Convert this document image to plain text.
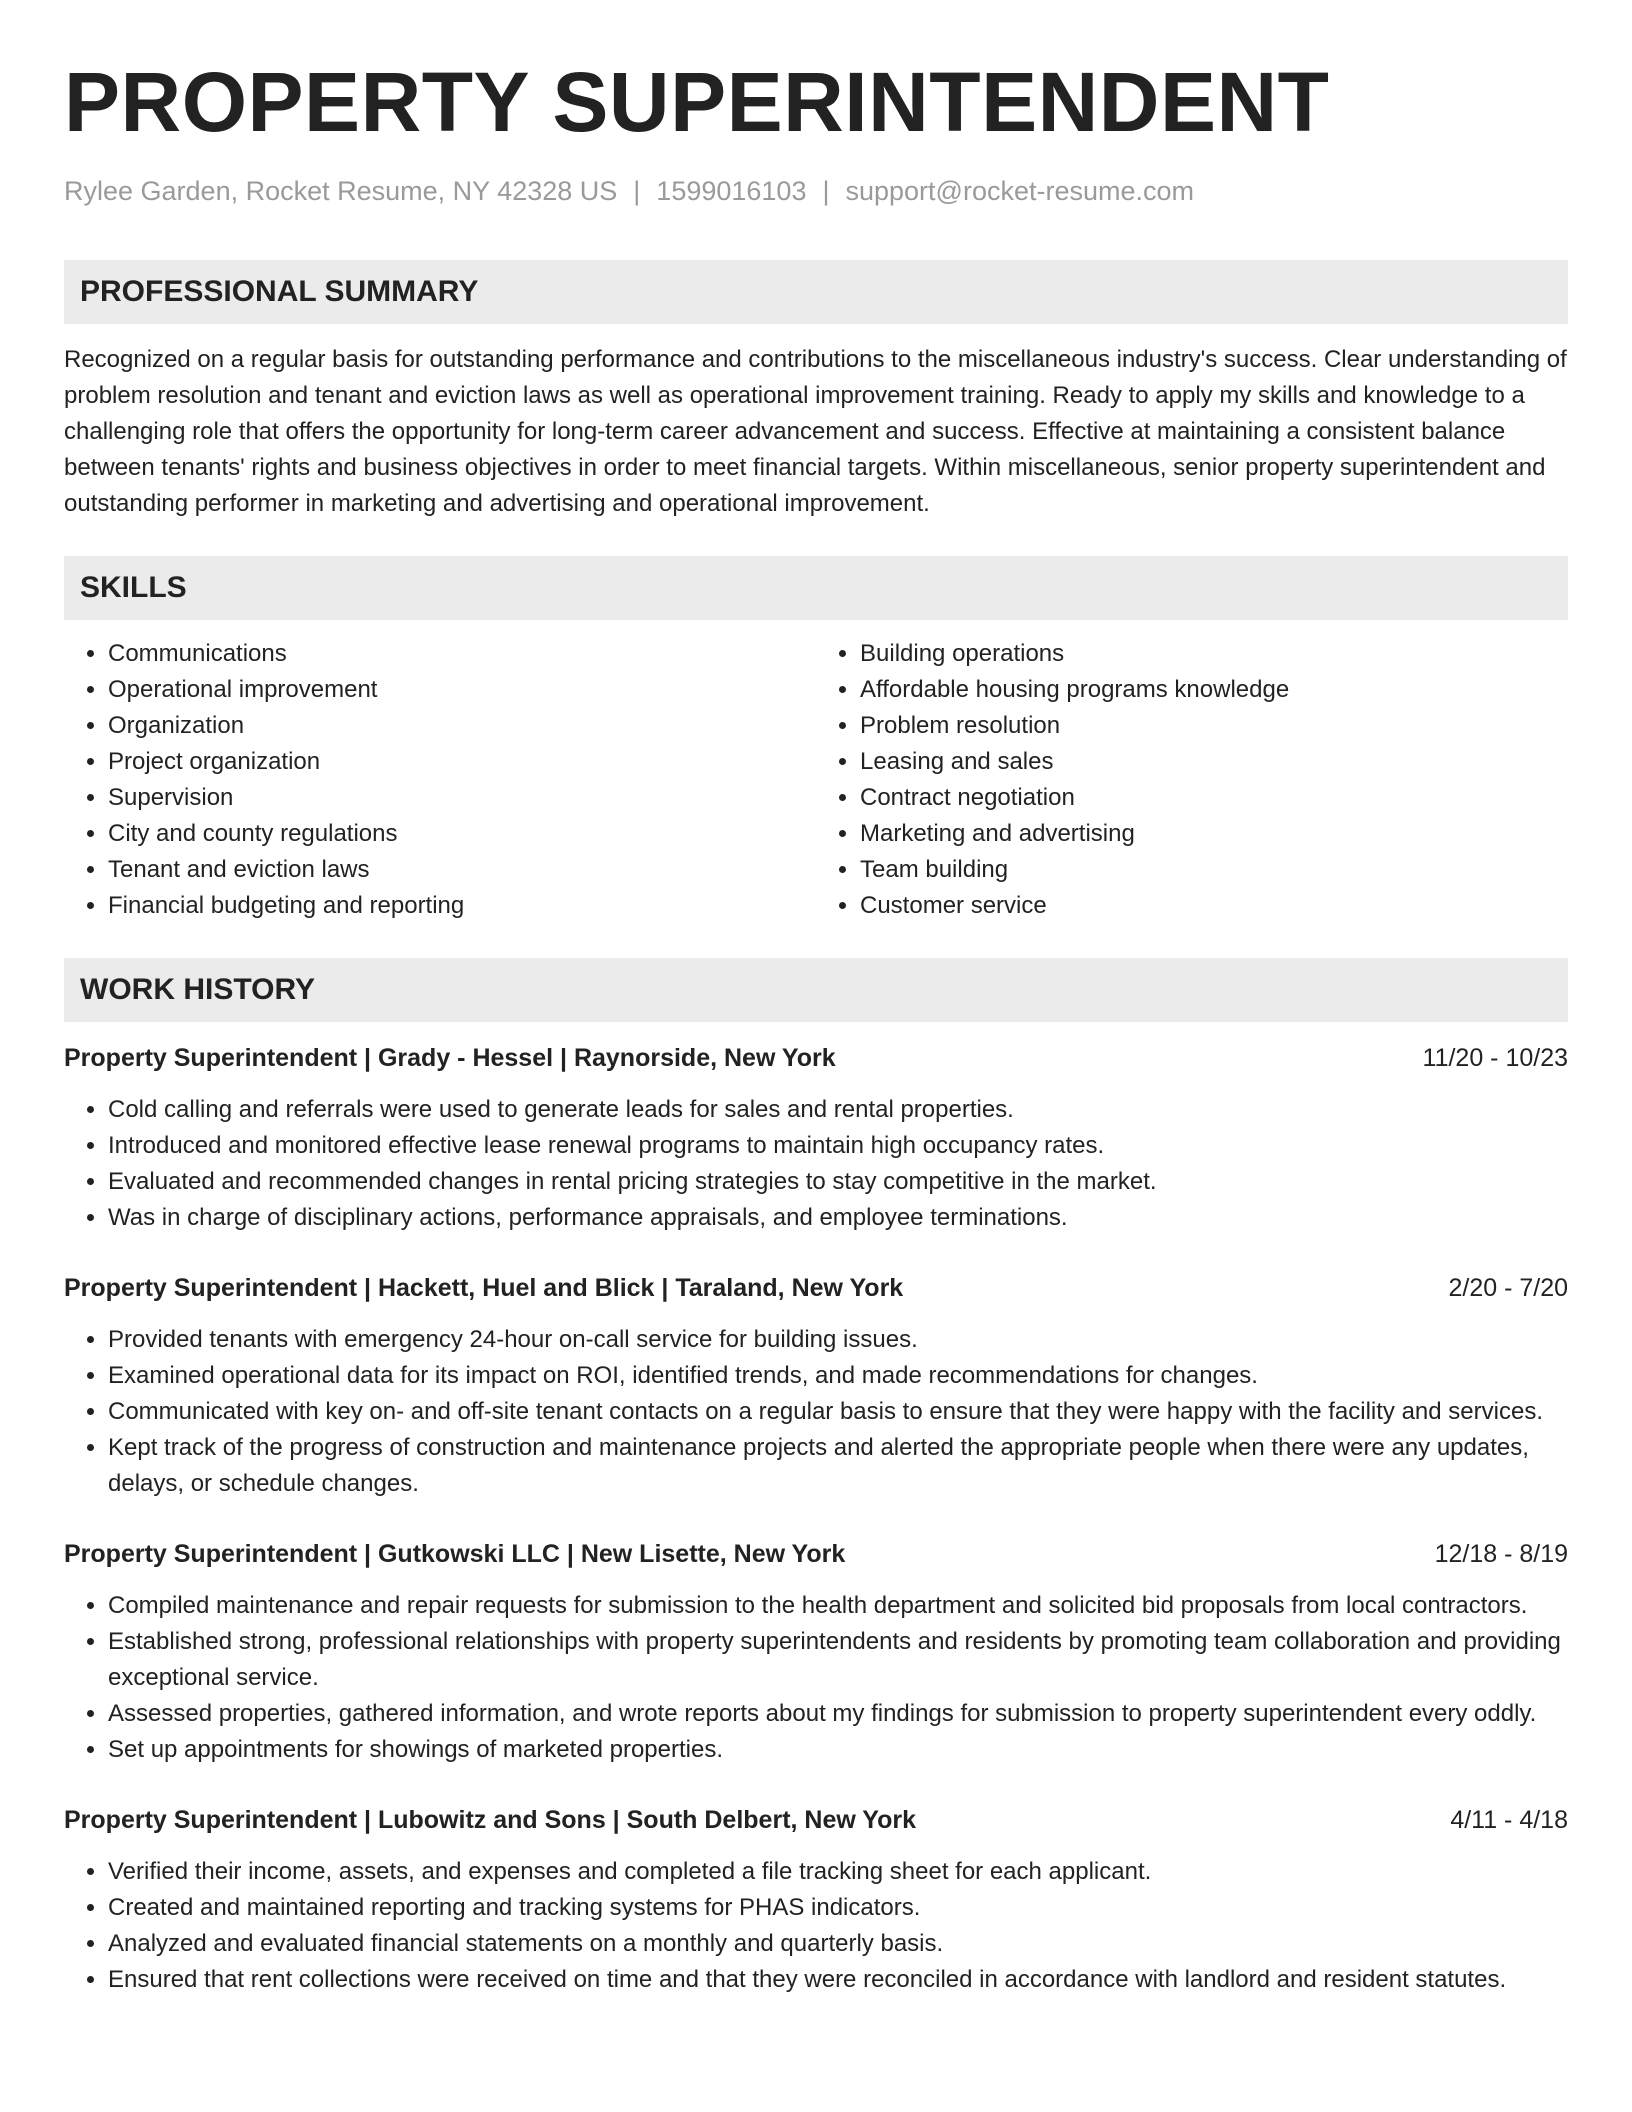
PROPERTY SUPERINTENDENT
Rylee Garden, Rocket Resume, NY 42328 US | 1599016103 | support@rocket-resume.com
PROFESSIONAL SUMMARY
Recognized on a regular basis for outstanding performance and contributions to the miscellaneous industry's success. Clear understanding of problem resolution and tenant and eviction laws as well as operational improvement training. Ready to apply my skills and knowledge to a challenging role that offers the opportunity for long-term career advancement and success. Effective at maintaining a consistent balance between tenants' rights and business objectives in order to meet financial targets. Within miscellaneous, senior property superintendent and outstanding performer in marketing and advertising and operational improvement.
SKILLS
• Communications
• Operational improvement
• Organization
• Project organization
• Supervision
• City and county regulations
• Tenant and eviction laws
• Financial budgeting and reporting
• Building operations
• Affordable housing programs knowledge
• Problem resolution
• Leasing and sales
• Contract negotiation
• Marketing and advertising
• Team building
• Customer service
WORK HISTORY
Property Superintendent | Grady - Hessel | Raynorside, New York	11/20 - 10/23
• Cold calling and referrals were used to generate leads for sales and rental properties.
• Introduced and monitored effective lease renewal programs to maintain high occupancy rates.
• Evaluated and recommended changes in rental pricing strategies to stay competitive in the market.
• Was in charge of disciplinary actions, performance appraisals, and employee terminations.
Property Superintendent | Hackett, Huel and Blick | Taraland, New York	2/20 - 7/20
• Provided tenants with emergency 24-hour on-call service for building issues.
• Examined operational data for its impact on ROI, identified trends, and made recommendations for changes.
• Communicated with key on- and off-site tenant contacts on a regular basis to ensure that they were happy with the facility and services.
• Kept track of the progress of construction and maintenance projects and alerted the appropriate people when there were any updates, delays, or schedule changes.
Property Superintendent | Gutkowski LLC | New Lisette, New York	12/18 - 8/19
• Compiled maintenance and repair requests for submission to the health department and solicited bid proposals from local contractors.
• Established strong, professional relationships with property superintendents and residents by promoting team collaboration and providing exceptional service.
• Assessed properties, gathered information, and wrote reports about my findings for submission to property superintendent every oddly.
• Set up appointments for showings of marketed properties.
Property Superintendent | Lubowitz and Sons | South Delbert, New York	4/11 - 4/18
• Verified their income, assets, and expenses and completed a file tracking sheet for each applicant.
• Created and maintained reporting and tracking systems for PHAS indicators.
• Analyzed and evaluated financial statements on a monthly and quarterly basis.
• Ensured that rent collections were received on time and that they were reconciled in accordance with landlord and resident statutes.
